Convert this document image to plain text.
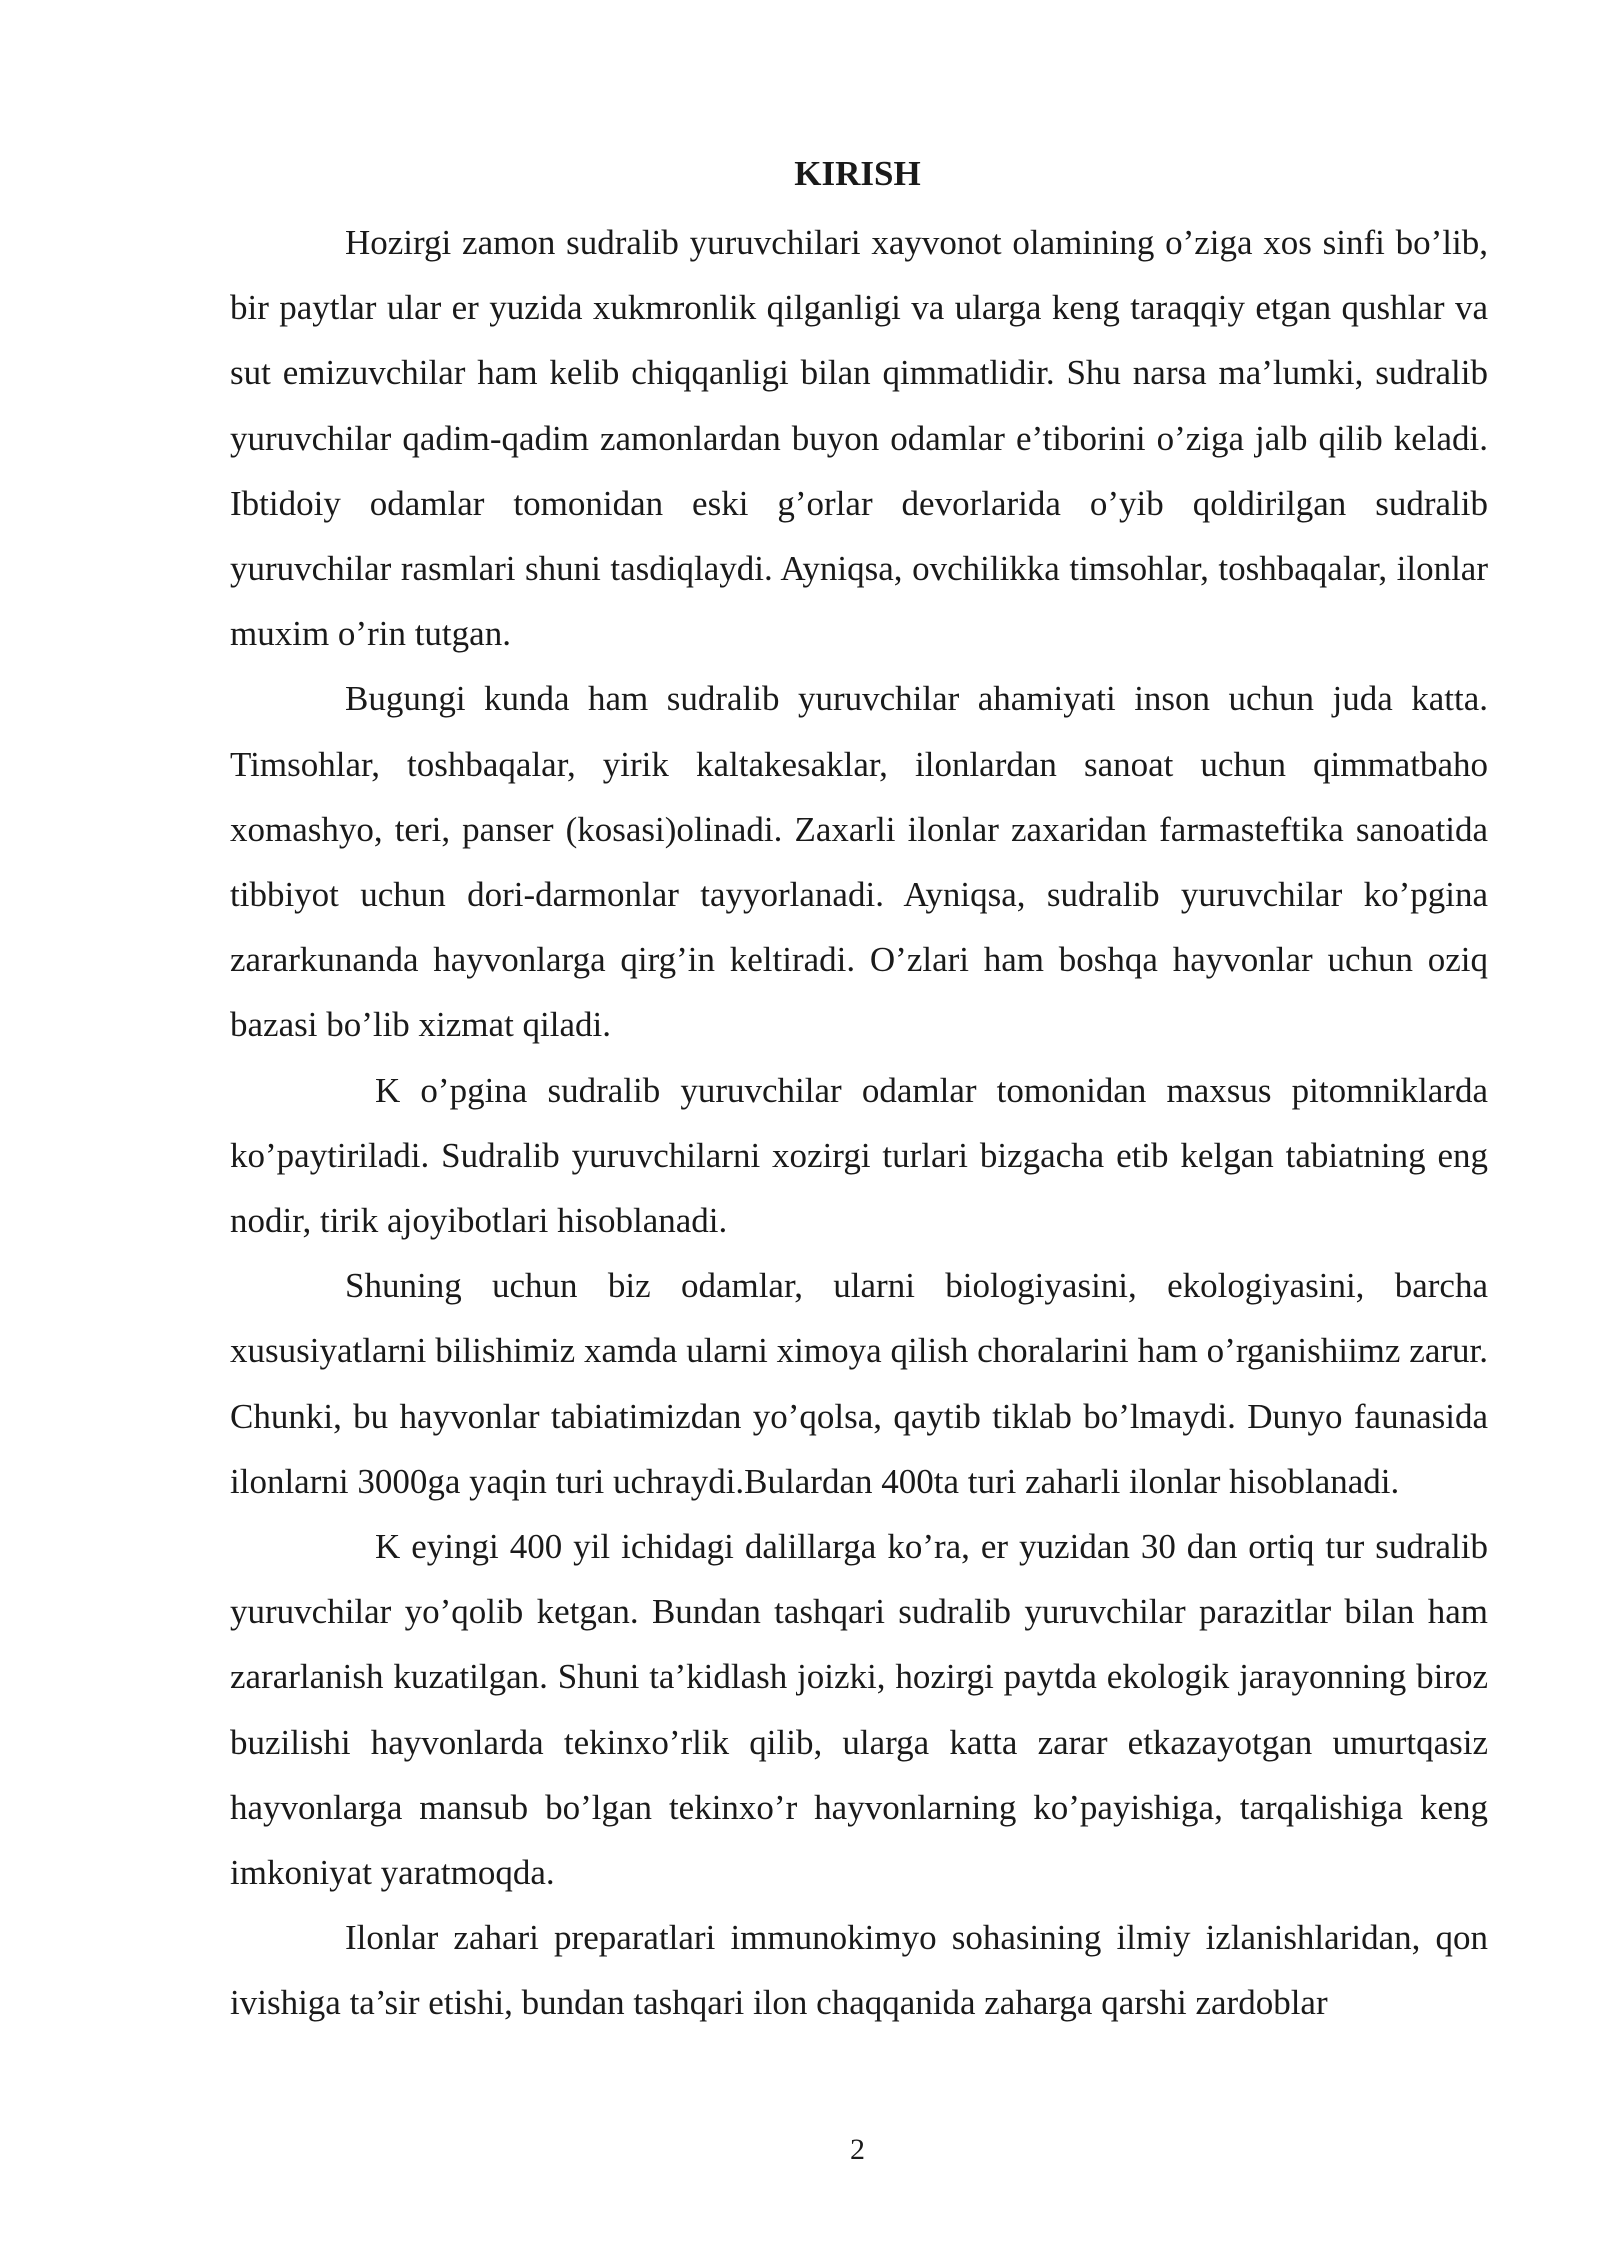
KIRISH

Hozirgi zamon sudralib yuruvchilari xayvonot olamining o’ziga xos sinfi bo’lib, bir paytlar ular er yuzida xukmronlik qilganligi va ularga keng taraqqiy etgan qushlar va sut emizuvchilar ham kelib chiqqanligi bilan qimmatlidir. Shu narsa ma’lumki, sudralib yuruvchilar qadim-qadim zamonlardan buyon odamlar e’tiborini o’ziga jalb qilib keladi. Ibtidoiy odamlar tomonidan eski g’orlar devorlarida o’yib qoldirilgan sudralib yuruvchilar rasmlari shuni tasdiqlaydi. Ayniqsa, ovchilikka timsohlar, toshbaqalar, ilonlar muxim o’rin tutgan.

Bugungi kunda ham sudralib yuruvchilar ahamiyati inson uchun juda katta. Timsohlar, toshbaqalar, yirik kaltakesaklar, ilonlardan sanoat uchun qimmatbaho xomashyo, teri, panser (kosasi)olinadi. Zaxarli ilonlar zaxaridan farmasteftika sanoatida tibbiyot uchun dori-darmonlar tayyorlanadi. Ayniqsa, sudralib yuruvchilar ko’pgina zararkunanda hayvonlarga qirg’in keltiradi. O’zlari ham boshqa hayvonlar uchun oziq bazasi bo’lib xizmat qiladi.

K o’pgina sudralib yuruvchilar odamlar tomonidan maxsus pitomniklarda ko’paytiriladi. Sudralib yuruvchilarni xozirgi turlari bizgacha etib kelgan tabiatning eng nodir, tirik ajoyibotlari hisoblanadi.

Shuning uchun biz odamlar, ularni biologiyasini, ekologiyasini, barcha xususiyatlarni bilishimiz xamda ularni ximoya qilish choralarini ham o’rganishiimz zarur. Chunki, bu hayvonlar tabiatimizdan yo’qolsa, qaytib tiklab bo’lmaydi. Dunyo faunasida ilonlarni 3000ga yaqin turi uchraydi.Bulardan 400ta turi zaharli ilonlar hisoblanadi.

K eyingi 400 yil ichidagi dalillarga ko’ra, er yuzidan 30 dan ortiq tur sudralib yuruvchilar yo’qolib ketgan. Bundan tashqari sudralib yuruvchilar parazitlar bilan ham zararlanish kuzatilgan. Shuni ta’kidlash joizki, hozirgi paytda ekologik jarayonning biroz buzilishi hayvonlarda tekinxo’rlik qilib, ularga katta zarar etkazayotgan umurtqasiz hayvonlarga mansub bo’lgan tekinxo’r hayvonlarning ko’payishiga, tarqalishiga keng imkoniyat yaratmoqda.

Ilonlar zahari preparatlari immunokimyo sohasining ilmiy izlanishlaridan, qon ivishiga ta’sir etishi, bundan tashqari ilon chaqqanida zaharga qarshi zardoblar

2
